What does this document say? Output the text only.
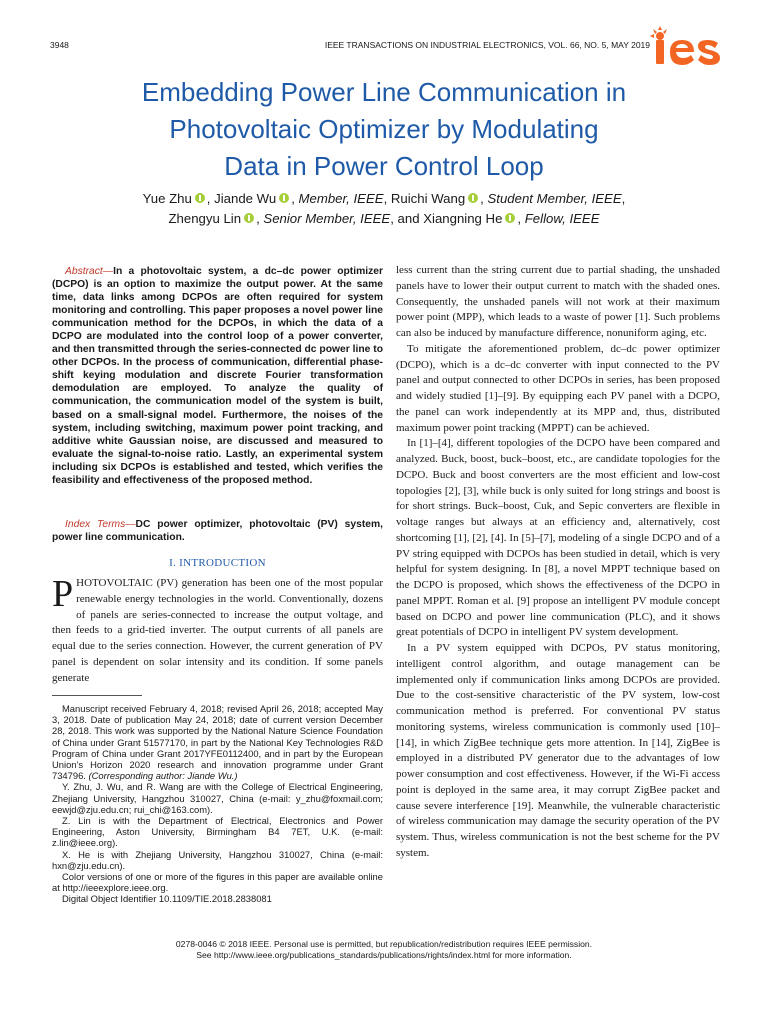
3948	IEEE TRANSACTIONS ON INDUSTRIAL ELECTRONICS, VOL. 66, NO. 5, MAY 2019
Embedding Power Line Communication in
Photovoltaic Optimizer by Modulating
Data in Power Control Loop
Yue Zhu , Jiande Wu , Member, IEEE, Ruichi Wang , Student Member, IEEE,
Zhengyu Lin , Senior Member, IEEE, and Xiangning He , Fellow, IEEE
Abstract—In a photovoltaic system, a dc–dc power optimizer (DCPO) is an option to maximize the output power. At the same time, data links among DCPOs are often required for system monitoring and controlling. This paper proposes a novel power line communication method for the DCPOs, in which the data of a DCPO are modulated into the control loop of a power converter, and then transmitted through the series-connected dc power line to other DCPOs. In the process of communication, differential phase-shift keying modulation and discrete Fourier transformation demodulation are employed. To analyze the quality of communication, the communication model of the system is built, based on a small-signal model. Furthermore, the noises of the system, including switching, maximum power point tracking, and additive white Gaussian noise, are discussed and measured to evaluate the signal-to-noise ratio. Lastly, an experimental system including six DCPOs is established and tested, which verifies the feasibility and effectiveness of the proposed method.
Index Terms—DC power optimizer, photovoltaic (PV) system, power line communication.
I. INTRODUCTION
PHOTOVOLTAIC (PV) generation has been one of the most popular renewable energy technologies in the world. Conventionally, dozens of panels are series-connected to increase the output voltage, and then feeds to a grid-tied inverter. The output currents of all panels are equal due to the series connection. However, the current generation of PV panel is dependent on solar intensity and its condition. If some panels generate

Manuscript received February 4, 2018; revised April 26, 2018; accepted May 3, 2018. Date of publication May 24, 2018; date of current version December 28, 2018. This work was supported by the National Nature Science Foundation of China under Grant 51577170, in part by the National Key Technologies R&D Program of China under Grant 2017YFE0112400, and in part by the European Union’s Horizon 2020 research and innovation programme under Grant 734796. (Corresponding author: Jiande Wu.)

Y. Zhu, J. Wu, and R. Wang are with the College of Electrical Engineering, Zhejiang University, Hangzhou 310027, China (e-mail: y_zhu@foxmail.com; eewjd@zju.edu.cn; rui_chi@163.com).

Z. Lin is with the Department of Electrical, Electronics and Power Engineering, Aston University, Birmingham B4 7ET, U.K. (e-mail: z.lin@ieee.org).

X. He is with Zhejiang University, Hangzhou 310027, China (e-mail: hxn@zju.edu.cn).

Color versions of one or more of the figures in this paper are available online at http://ieeexplore.ieee.org.

Digital Object Identifier 10.1109/TIE.2018.2838081

less current than the string current due to partial shading, the unshaded panels have to lower their output current to match with the shaded ones. Consequently, the unshaded panels will not work at their maximum power point (MPP), which leads to a waste of power [1]. Such problems can also be induced by manufacture difference, nonuniform aging, etc.

To mitigate the aforementioned problem, dc–dc power optimizer (DCPO), which is a dc–dc converter with input connected to the PV panel and output connected to other DCPOs in series, has been proposed and widely studied [1]–[9]. By equipping each PV panel with a DCPO, the panel can work independently at its MPP and, thus, distributed maximum power point tracking (MPPT) can be achieved.

In [1]–[4], different topologies of the DCPO have been compared and analyzed. Buck, boost, buck–boost, etc., are candidate topologies for the DCPO. Buck and boost converters are the most efficient and low-cost topologies [2], [3], while buck is only suited for long strings and boost is for short strings. Buck–boost, Cuk, and Sepic converters are flexible in voltage ranges but always at an efficiency and, alternatively, cost shortcoming [1], [2], [4]. In [5]–[7], modeling of a single DCPO and of a PV string equipped with DCPOs has been studied in detail, which is very helpful for system designing. In [8], a novel MPPT technique based on the DCPO is proposed, which shows the effectiveness of the DCPO in panel MPPT. Roman et al. [9] propose an intelligent PV module concept based on DCPO and power line communication (PLC), and it shows great potentials of DCPO in intelligent PV system development.

In a PV system equipped with DCPOs, PV status monitoring, intelligent control algorithm, and outage management can be implemented only if communication links among DCPOs are provided. Due to the cost-sensitive characteristic of the PV system, low-cost communication method is preferred. For conventional PV status monitoring systems, wireless communication is commonly used [10]–[14], in which ZigBee technique gets more attention. In [14], ZigBee is employed in a distributed PV generator due to the advantages of low power consumption and cost effectiveness. However, if the Wi-Fi access point is deployed in the same area, it may corrupt ZigBee packet and cause severe interference [19]. Meanwhile, the vulnerable characteristic of wireless communication may damage the security operation of the PV system. Thus, wireless communication is not the best scheme for the PV system.

0278-0046 © 2018 IEEE. Personal use is permitted, but republication/redistribution requires IEEE permission.
See http://www.ieee.org/publications_standards/publications/rights/index.html for more information.
